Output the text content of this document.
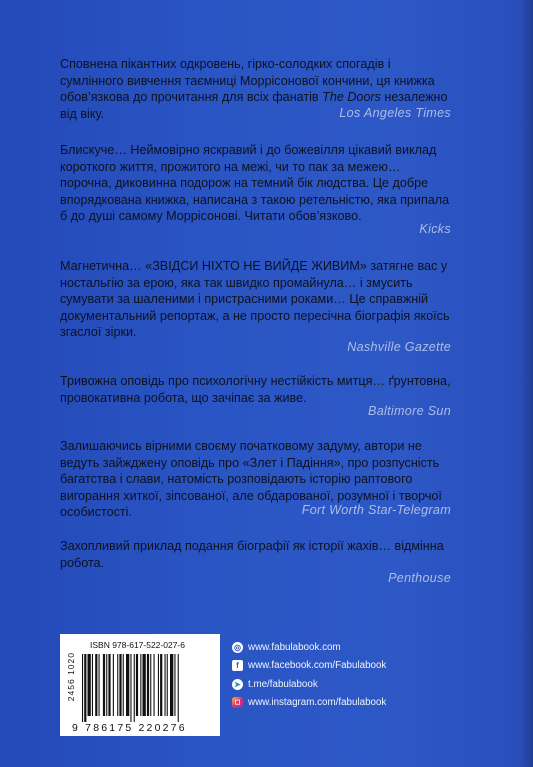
Сповнена пікантних одкровень, гірко-солодких спогадів і сумлінного вивчення таємниці Моррісонової кончини, ця книжка обов’язкова до прочитання для всіх фанатів The Doors незалежно від віку.	Los Angeles Times

Блискуче… Неймовірно яскравий і до божевілля цікавий виклад короткого життя, прожитого на межі, чи то пак за межею… порочна, диковинна подорож на темний бік людства. Це добре впорядкована книжка, написана з такою ретельністю, яка припала б до душі самому Моррісонові. Читати обов’язково.

Kicks

Магнетична… «ЗВІДСИ НІХТО НЕ ВИЙДЕ ЖИВИМ» затягне вас у ностальгію за ерою, яка так швидко промайнула… і змусить сумувати за шаленими і пристрасними роками… Це справжній документальний репортаж, а не просто пересічна біографія якоїсь згаслої зірки.

Nashville Gazette

Тривожна оповідь про психологічну нестійкість митця… ґрунтовна, провокативна робота, що зачіпає за живе.

Baltimore Sun

Залишаючись вірними своєму початковому задуму, автори не ведуть зайжджену оповідь про «Злет і Падіння», про розпусність багатства і слави, натомість розповідають історію раптового вигорання хиткої, зіпсованої, але обдарованої, розумної і творчої особистості.	Fort Worth Star-Telegram

Захопливий приклад подання біографії як історії жахів… відмінна робота.

Penthouse
ISBN 978-617-522-027-6
2456 1020
9 786175 220276
◎ www.fabulabook.com
f www.facebook.com/Fabulabook
➤ t.me/fabulabook
◻ www.instagram.com/fabulabook
